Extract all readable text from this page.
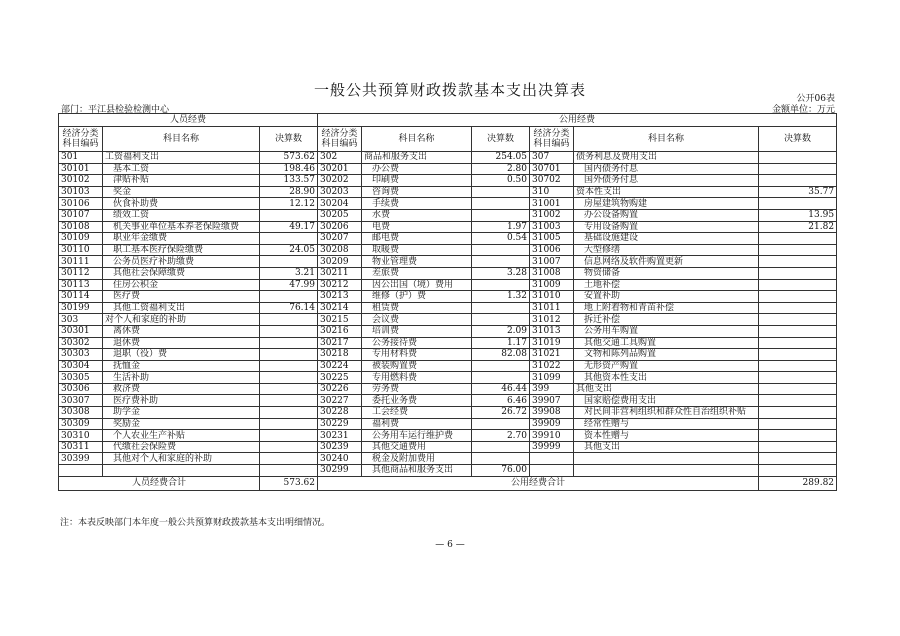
一般公共预算财政拨款基本支出决算表	公开06表
部门：平江县检验检测中心	金额单位：万元
人员经费			公用经费					
经济分类科目编码	科目名称	决算数	经济分类科目编码	科目名称	决算数	经济分类科目编码	科目名称	决算数
301	工资福利支出	573.62	302	商品和服务支出	254.05	307	债务利息及费用支出	
30101	基本工资	198.46	30201	办公费	2.80	30701	国内债务付息	
30102	津贴补贴	133.57	30202	印刷费	0.50	30702	国外债务付息	
30103	奖金	28.90	30203	咨询费		310	资本性支出	35.77
30106	伙食补助费	12.12	30204	手续费		31001	房屋建筑物购建	
30107	绩效工资		30205	水费		31002	办公设备购置	13.95
30108	机关事业单位基本养老保险缴费	49.17	30206	电费	1.97	31003	专用设备购置	21.82
30109	职业年金缴费		30207	邮电费	0.54	31005	基础设施建设	
30110	职工基本医疗保险缴费	24.05	30208	取暖费		31006	大型修缮	
30111	公务员医疗补助缴费		30209	物业管理费		31007	信息网络及软件购置更新	
30112	其他社会保障缴费	3.21	30211	差旅费	3.28	31008	物资储备	
30113	住房公积金	47.99	30212	因公出国（境）费用		31009	土地补偿	
30114	医疗费		30213	维修（护）费	1.32	31010	安置补助	
30199	其他工资福利支出	76.14	30214	租赁费		31011	地上附着物和青苗补偿	
303	对个人和家庭的补助		30215	会议费		31012	拆迁补偿	
30301	离休费		30216	培训费	2.09	31013	公务用车购置	
30302	退休费		30217	公务接待费	1.17	31019	其他交通工具购置	
30303	退职（役）费		30218	专用材料费	82.08	31021	文物和陈列品购置	
30304	抚恤金		30224	被装购置费		31022	无形资产购置	
30305	生活补助		30225	专用燃料费		31099	其他资本性支出	
30306	救济费		30226	劳务费	46.44	399	其他支出	
30307	医疗费补助		30227	委托业务费	6.46	39907	国家赔偿费用支出	
30308	助学金		30228	工会经费	26.72	39908	对民间非营利组织和群众性自治组织补贴	
30309	奖励金		30229	福利费		39909	经常性赠与	
30310	个人农业生产补贴		30231	公务用车运行维护费	2.70	39910	资本性赠与	
30311	代缴社会保险费		30239	其他交通费用		39999	其他支出	
30399	其他对个人和家庭的补助		30240	税金及附加费用				
			30299	其他商品和服务支出	76.00			
人员经费合计		573.62	公用经费合计					289.82
注：本表反映部门本年度一般公共预算财政拨款基本支出明细情况。
— 6 —
